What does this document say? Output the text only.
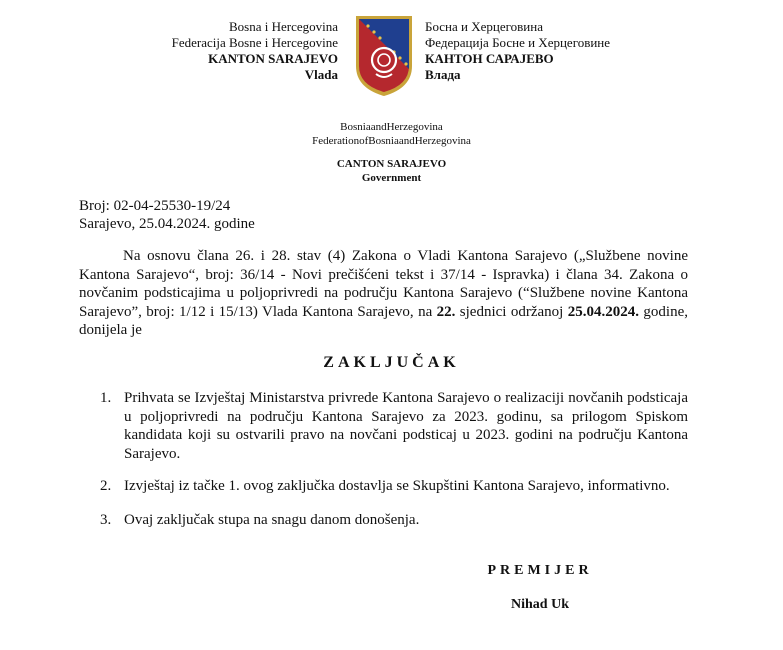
Bosna i Hercegovina
Federacija Bosne i Hercegovine
KANTON SARAJEVO
Vlada
Босна и Херцеговина
Федерација Босне и Херцеговине
КАНТОН САРАЈЕВО
Влада
BosniaandHerzegovina
FederationofBosniaandHerzegovina
CANTON SARAJEVO
Government
Broj: 02-04-25530-19/24
Sarajevo, 25.04.2024. godine
Na osnovu člana 26. i 28. stav (4) Zakona o Vladi Kantona Sarajevo („Službene novine Kantona Sarajevo“, broj: 36/14 - Novi prečišćeni tekst i 37/14 - Ispravka) i člana 34. Zakona o novčanim podsticajima u poljoprivredi na području Kantona Sarajevo (“Službene novine Kantona Sarajevo”, broj: 1/12 i 15/13) Vlada Kantona Sarajevo, na 22. sjednici održanoj 25.04.2024. godine, donijela je
ZAKLJUČAK
1. Prihvata se Izvještaj Ministarstva privrede Kantona Sarajevo o realizaciji novčanih podsticaja u poljoprivredi na području Kantona Sarajevo za 2023. godinu, sa prilogom Spiskom kandidata koji su ostvarili pravo na novčani podsticaj u 2023. godini na području Kantona Sarajevo.
2. Izvještaj iz tačke 1. ovog zaključka dostavlja se Skupštini Kantona Sarajevo, informativno.
3. Ovaj zaključak stupa na snagu danom donošenja.
PREMIJER
Nihad Uk
